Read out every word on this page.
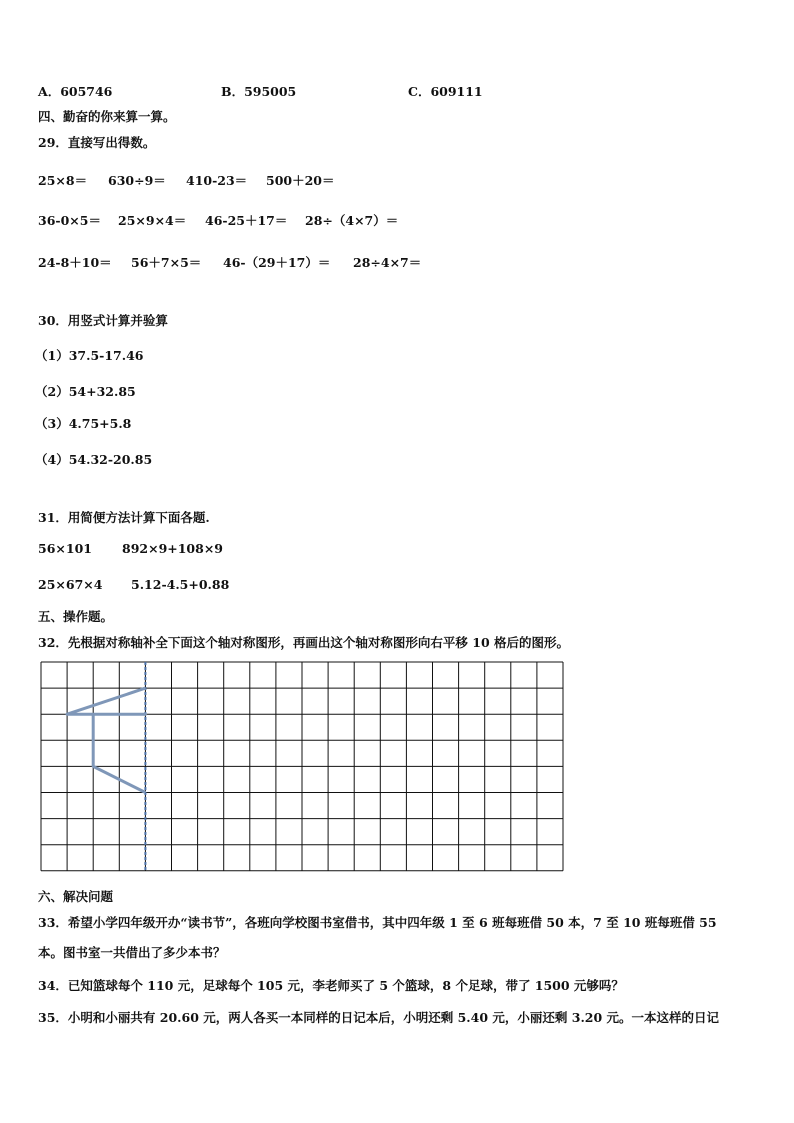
A．605746	B．595005	C．609111
四、勤奋的你来算一算。
29．直接写出得数。
25×8＝ 630÷9＝ 410-23＝ 500＋20＝
36-0×5＝ 25×9×4＝ 46-25＋17＝ 28÷（4×7）＝
24-8＋10＝ 56＋7×5＝ 46-（29＋17）＝ 28÷4×7＝
30．用竖式计算并验算
（1）37.5-17.46
（2）54+32.85
（3）4.75+5.8
（4）54.32-20.85
31．用简便方法计算下面各题.
56×101 892×9+108×9
25×67×4 5.12-4.5+0.88
五、操作题。
32．先根据对称轴补全下面这个轴对称图形，再画出这个轴对称图形向右平移 10 格后的图形。
六、解决问题
33．希望小学四年级开办“读书节”，各班向学校图书室借书，其中四年级 1 至 6 班每班借 50 本，7 至 10 班每班借 55
本。图书室一共借出了多少本书？
34．已知篮球每个 110 元，足球每个 105 元，李老师买了 5 个篮球，8 个足球，带了 1500 元够吗？
35．小明和小丽共有 20.60 元，两人各买一本同样的日记本后，小明还剩 5.40 元，小丽还剩 3.20 元。一本这样的日记
